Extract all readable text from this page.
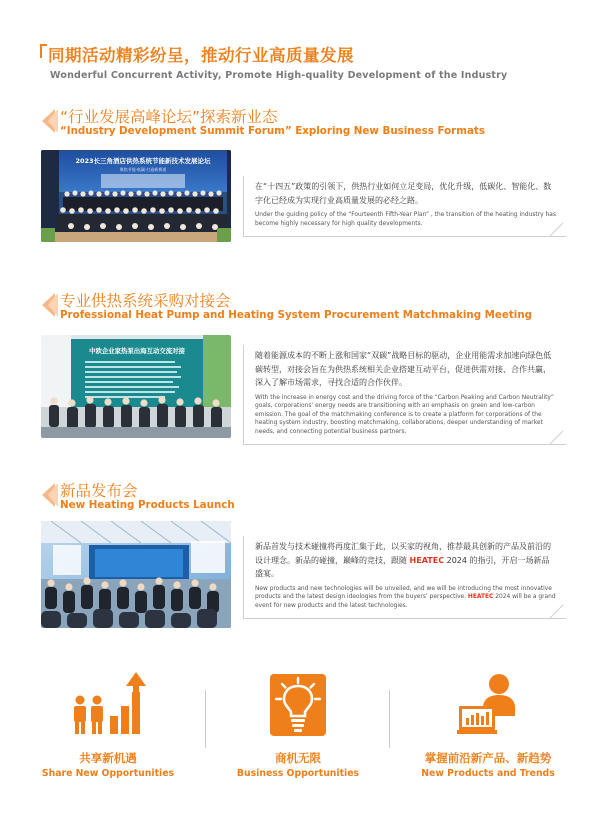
同期活动精彩纷呈，推动行业高质量发展
Wonderful Concurrent Activity, Promote High-quality Development of the Industry
“行业发展高峰论坛”探索新业态
“Industry Development Summit Forum” Exploring New Business Formats
2023长三角酒店供热系统节能新技术发展论坛
聚焦节能·低碳·打造新赛道
在“十四五”政策的引领下，供热行业如何立足变局，优化升级，低碳化、智能化、数字化已经成为实现行业高质量发展的必经之路。
Under the guiding policy of the “Fourteenth Fifth-Year Plan” , the transition of the heating industry has become highly necessary for high quality developments.
专业供热系统采购对接会
Professional Heat Pump and Heating System Procurement Matchmaking Meeting
中欧企业家热泵出海互动交流对接	随着能源成本的不断上涨和国家“双碳”战略目标的驱动，企业用能需求加速向绿色低碳转型，对接会旨在为供热系统相关企业搭建互动平台，促进供需对接、合作共赢，深入了解市场需求，寻找合适的合作伙伴。
With the increase in energy cost and the driving force of the “Carbon Peaking and Carbon Neutrality” goals, corporations’ energy needs are transitioning with an emphasis on green and low-carbon emission. The goal of the matchmaking conference is to create a platform for corporations of the heating system industry, boosting matchmaking, collaborations, deeper understanding of market needs, and connecting potential business partners.
新品发布会
New Heating Products Launch
新品首发与技术碰撞将再度汇集于此，以买家的视角，推荐最具创新的产品及前沿的设计理念。新品的碰撞，巅峰的竞技，跟随 HEATEC 2024 的指引，开启一场新品盛宴。
New products and new technologies will be unveiled, and we will be introducing the most innovative products and the latest design ideologies from the buyers’ perspective. HEATEC 2024 will be a grand event for new products and the latest technologies.
共享新机遇
Share New Opportunities
商机无限
Business Opportunities
掌握前沿新产品、新趋势
New Products and Trends
